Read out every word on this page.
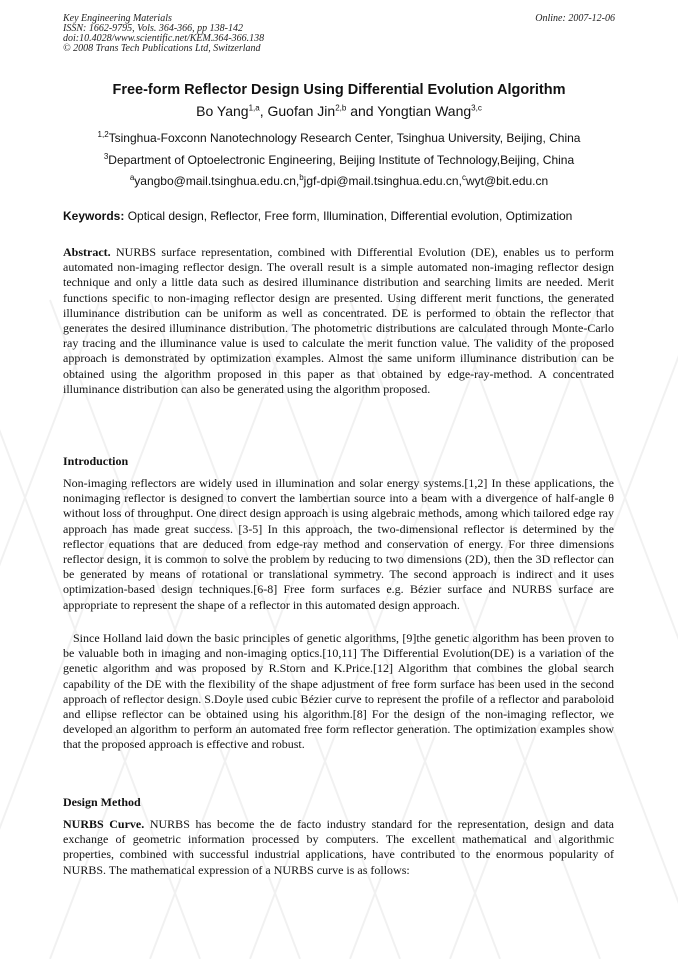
Key Engineering Materials
ISSN: 1662-9795, Vols. 364-366, pp 138-142
doi:10.4028/www.scientific.net/KEM.364-366.138
© 2008 Trans Tech Publications Ltd, Switzerland
Online: 2007-12-06
Free-form Reflector Design Using Differential Evolution Algorithm
Bo Yang$^{1,a}$, Guofan Jin$^{2,b}$ and Yongtian Wang$^{3,c}$
$^{1,2}$Tsinghua-Foxconn Nanotechnology Research Center, Tsinghua University, Beijing, China
$^3$Department of Optoelectronic Engineering, Beijing Institute of Technology,Beijing, China
$^a$yangbo@mail.tsinghua.edu.cn,$^b$jgf-dpi@mail.tsinghua.edu.cn,$^c$wyt@bit.edu.cn
Keywords: Optical design, Reflector, Free form, Illumination, Differential evolution, Optimization
Abstract. NURBS surface representation, combined with Differential Evolution (DE), enables us to perform automated non-imaging reflector design. The overall result is a simple automated non-imaging reflector design technique and only a little data such as desired illuminance distribution and searching limits are needed. Merit functions specific to non-imaging reflector design are presented. Using different merit functions, the generated illuminance distribution can be uniform as well as concentrated. DE is performed to obtain the reflector that generates the desired illuminance distribution. The photometric distributions are calculated through Monte-Carlo ray tracing and the illuminance value is used to calculate the merit function value. The validity of the proposed approach is demonstrated by optimization examples. Almost the same uniform illuminance distribution can be obtained using the algorithm proposed in this paper as that obtained by edge-ray-method. A concentrated illuminance distribution can also be generated using the algorithm proposed.
Introduction
Non-imaging reflectors are widely used in illumination and solar energy systems.[1,2] In these applications, the nonimaging reflector is designed to convert the lambertian source into a beam with a divergence of half-angle θ without loss of throughput. One direct design approach is using algebraic methods, among which tailored edge ray approach has made great success. [3-5] In this approach, the two-dimensional reflector is determined by the reflector equations that are deduced from edge-ray method and conservation of energy. For three dimensions reflector design, it is common to solve the problem by reducing to two dimensions (2D), then the 3D reflector can be generated by means of rotational or translational symmetry. The second approach is indirect and it uses optimization-based design techniques.[6-8] Free form surfaces e.g. Bézier surface and NURBS surface are appropriate to represent the shape of a reflector in this automated design approach.
Since Holland laid down the basic principles of genetic algorithms, [9]the genetic algorithm has been proven to be valuable both in imaging and non-imaging optics.[10,11] The Differential Evolution(DE) is a variation of the genetic algorithm and was proposed by R.Storn and K.Price.[12] Algorithm that combines the global search capability of the DE with the flexibility of the shape adjustment of free form surface has been used in the second approach of reflector design. S.Doyle used cubic Bézier curve to represent the profile of a reflector and paraboloid and ellipse reflector can be obtained using his algorithm.[8] For the design of the non-imaging reflector, we developed an algorithm to perform an automated free form reflector generation. The optimization examples show that the proposed approach is effective and robust.
Design Method
NURBS Curve. NURBS has become the de facto industry standard for the representation, design and data exchange of geometric information processed by computers. The excellent mathematical and algorithmic properties, combined with successful industrial applications, have contributed to the enormous popularity of NURBS. The mathematical expression of a NURBS curve is as follows:
